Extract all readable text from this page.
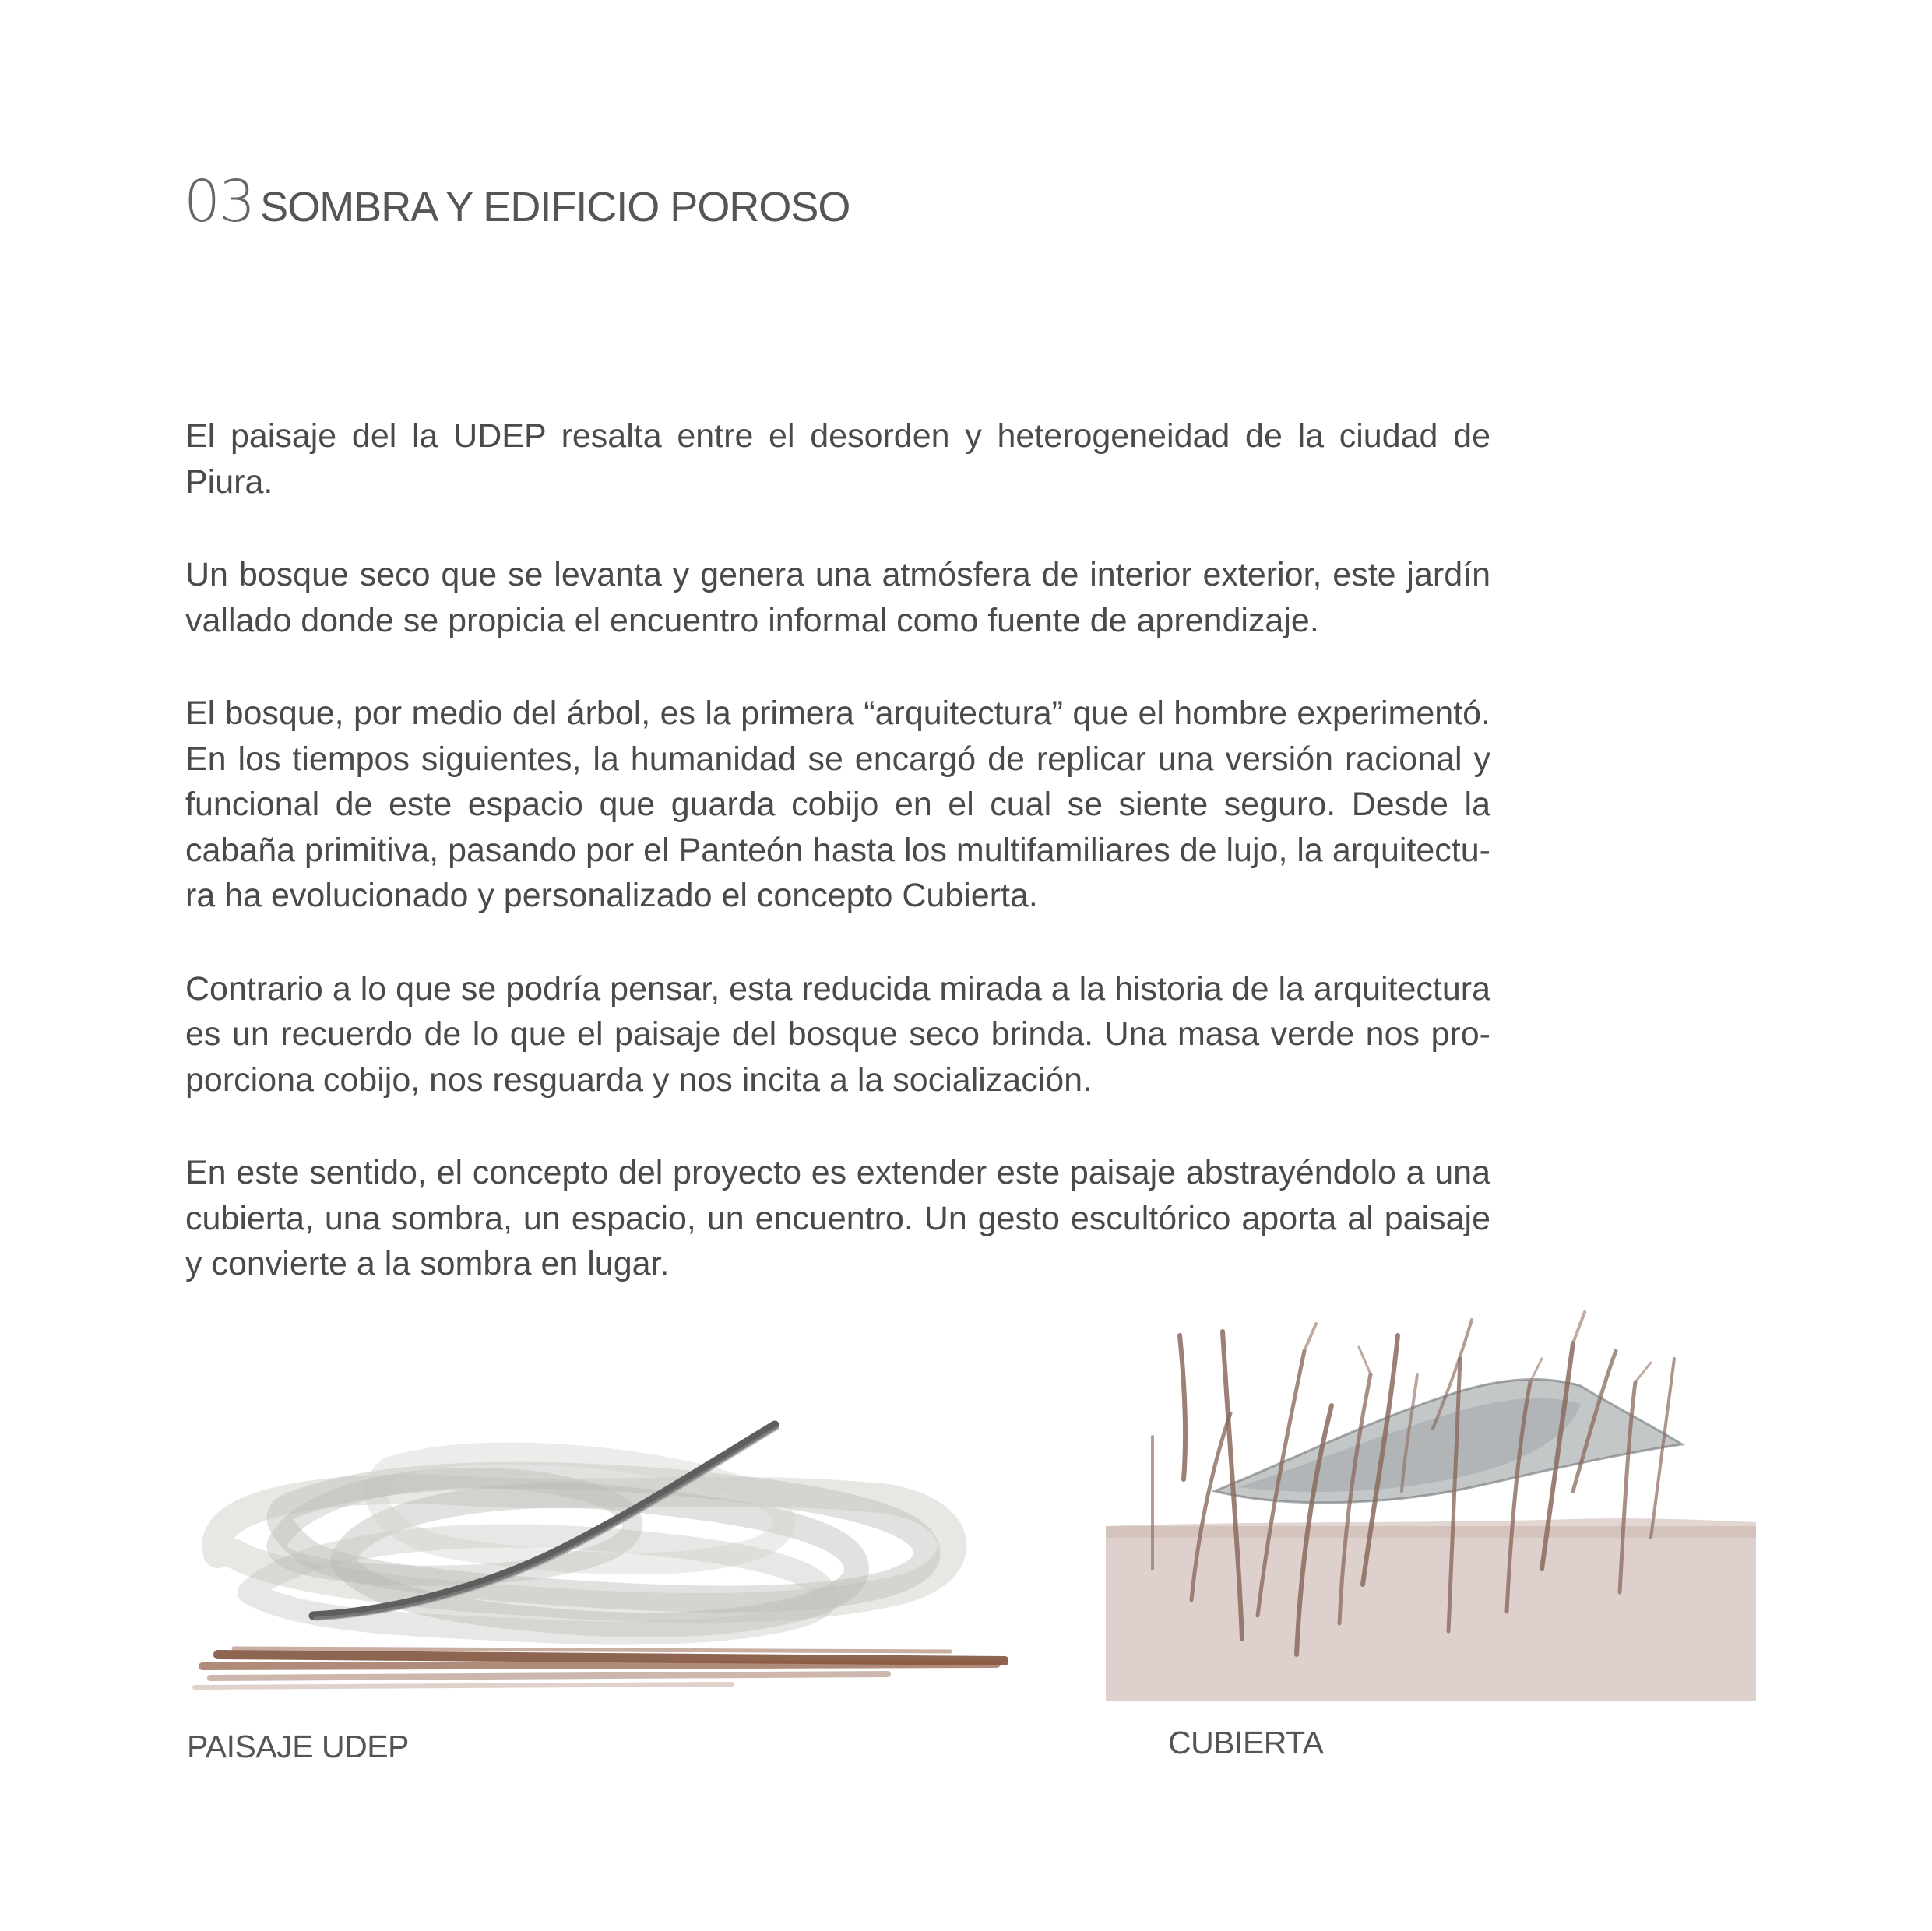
03 SOMBRA Y EDIFICIO POROSO

El paisaje del la UDEP resalta entre el desorden y heterogeneidad de la ciudad de Piura.

Un bosque seco que se levanta y genera una atmósfera de interior exterior, este jardín vallado donde se propicia el encuentro informal como fuente de aprendizaje.

El bosque, por medio del árbol, es la primera “arquitectura” que el hombre experimentó. En los tiempos siguientes, la humanidad se encargó de replicar una versión racional y funcional de este espacio que guarda cobijo en el cual se siente seguro. Desde la cabaña primitiva, pasando por el Panteón hasta los multifamiliares de lujo, la arquitectura ha evolucionado y personalizado el concepto Cubierta.

Contrario a lo que se podría pensar, esta reducida mirada a la historia de la arquitectura es un recuerdo de lo que el paisaje del bosque seco brinda. Una masa verde nos proporciona cobijo, nos resguarda y nos incita a la socialización.

En este sentido, el concepto del proyecto es extender este paisaje abstrayéndolo a una cubierta, una sombra, un espacio, un encuentro. Un gesto escultórico aporta al paisaje y convierte a la sombra en lugar.

PAISAJE UDEP	CUBIERTA
